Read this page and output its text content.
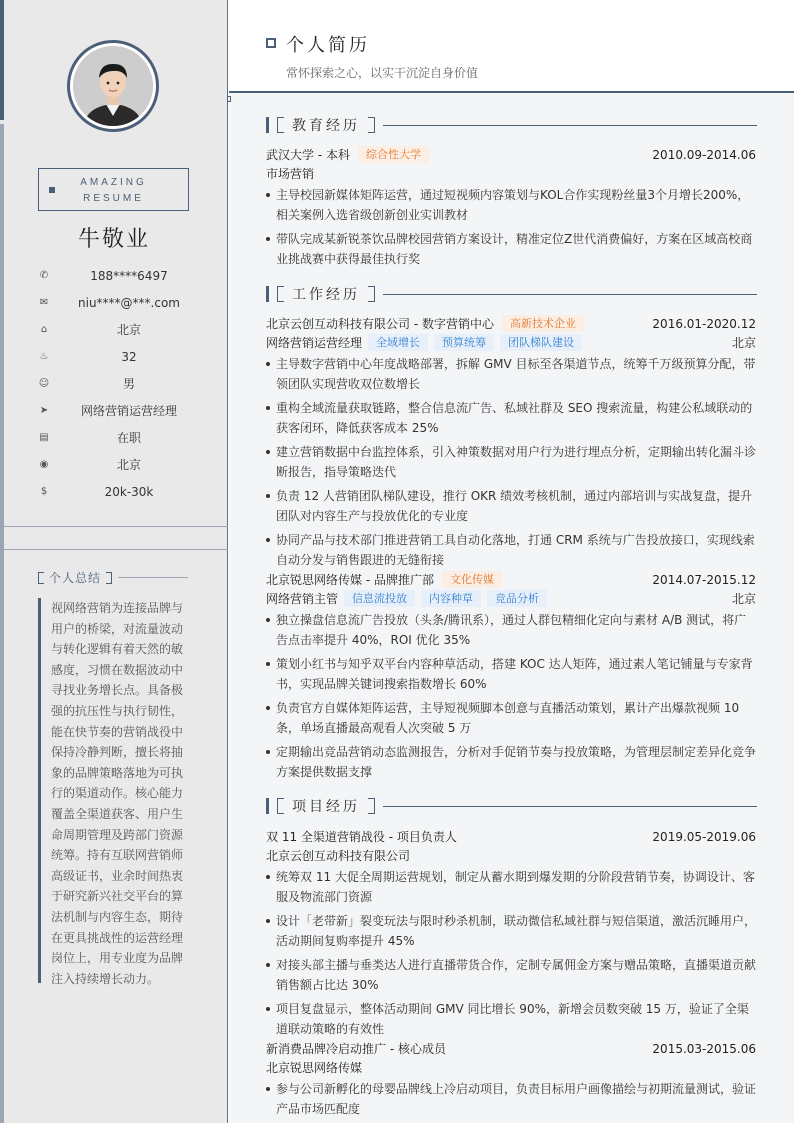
AMAZING
RESUME
牛敬业
✆	188****6497
✉	niu****@***.com
⌂	北京
♨	32
☺	男
➤	网络营销运营经理
▤	在职
◉	北京
$	20k-30k
个人总结
视网络营销为连接品牌与用户的桥梁，对流量波动与转化逻辑有着天然的敏感度，习惯在数据波动中寻找业务增长点。具备极强的抗压性与执行韧性，能在快节奏的营销战役中保持冷静判断，擅长将抽象的品牌策略落地为可执行的渠道动作。核心能力覆盖全渠道获客、用户生命周期管理及跨部门资源统筹。持有互联网营销师高级证书，业余时间热衷于研究新兴社交平台的算法机制与内容生态，期待在更具挑战性的运营经理岗位上，用专业度为品牌注入持续增长动力。
个人简历
常怀探索之心，以实干沉淀自身价值
教育经历
武汉大学 - 本科	综合性大学	2010.09-2014.06
市场营销
主导校园新媒体矩阵运营，通过短视频内容策划与KOL合作实现粉丝量3个月增长200%，相关案例入选省级创新创业实训教材
带队完成某新锐茶饮品牌校园营销方案设计，精准定位Z世代消费偏好，方案在区域高校商业挑战赛中获得最佳执行奖
工作经历
北京云创互动科技有限公司 - 数字营销中心	高新技术企业	2016.01-2020.12
网络营销运营经理	全域增长	预算统筹	团队梯队建设	北京
主导数字营销中心年度战略部署，拆解 GMV 目标至各渠道节点，统筹千万级预算分配，带领团队实现营收双位数增长
重构全域流量获取链路，整合信息流广告、私域社群及 SEO 搜索流量，构建公私域联动的获客闭环，降低获客成本 25%
建立营销数据中台监控体系，引入神策数据对用户行为进行埋点分析，定期输出转化漏斗诊断报告，指导策略迭代
负责 12 人营销团队梯队建设，推行 OKR 绩效考核机制，通过内部培训与实战复盘，提升团队对内容生产与投放优化的专业度
协同产品与技术部门推进营销工具自动化落地，打通 CRM 系统与广告投放接口，实现线索自动分发与销售跟进的无缝衔接
北京锐思网络传媒 - 品牌推广部	文化传媒	2014.07-2015.12
网络营销主管	信息流投放	内容种草	竞品分析	北京
独立操盘信息流广告投放（头条/腾讯系），通过人群包精细化定向与素材 A/B 测试，将广告点击率提升 40%，ROI 优化 35%
策划小红书与知乎双平台内容种草活动，搭建 KOC 达人矩阵，通过素人笔记铺量与专家背书，实现品牌关键词搜索指数增长 60%
负责官方自媒体矩阵运营，主导短视频脚本创意与直播活动策划，累计产出爆款视频 10 条，单场直播最高观看人次突破 5 万
定期输出竞品营销动态监测报告，分析对手促销节奏与投放策略，为管理层制定差异化竞争方案提供数据支撑
项目经历
双 11 全渠道营销战役 - 项目负责人	2019.05-2019.06
北京云创互动科技有限公司
统筹双 11 大促全周期运营规划，制定从蓄水期到爆发期的分阶段营销节奏，协调设计、客服及物流部门资源
设计「老带新」裂变玩法与限时秒杀机制，联动微信私域社群与短信渠道，激活沉睡用户，活动期间复购率提升 45%
对接头部主播与垂类达人进行直播带货合作，定制专属佣金方案与赠品策略，直播渠道贡献销售额占比达 30%
项目复盘显示，整体活动期间 GMV 同比增长 90%，新增会员数突破 15 万，验证了全渠道联动策略的有效性
新消费品牌冷启动推广 - 核心成员	2015.03-2015.06
北京锐思网络传媒
参与公司新孵化的母婴品牌线上冷启动项目，负责目标用户画像描绘与初期流量测试，验证产品市场匹配度
